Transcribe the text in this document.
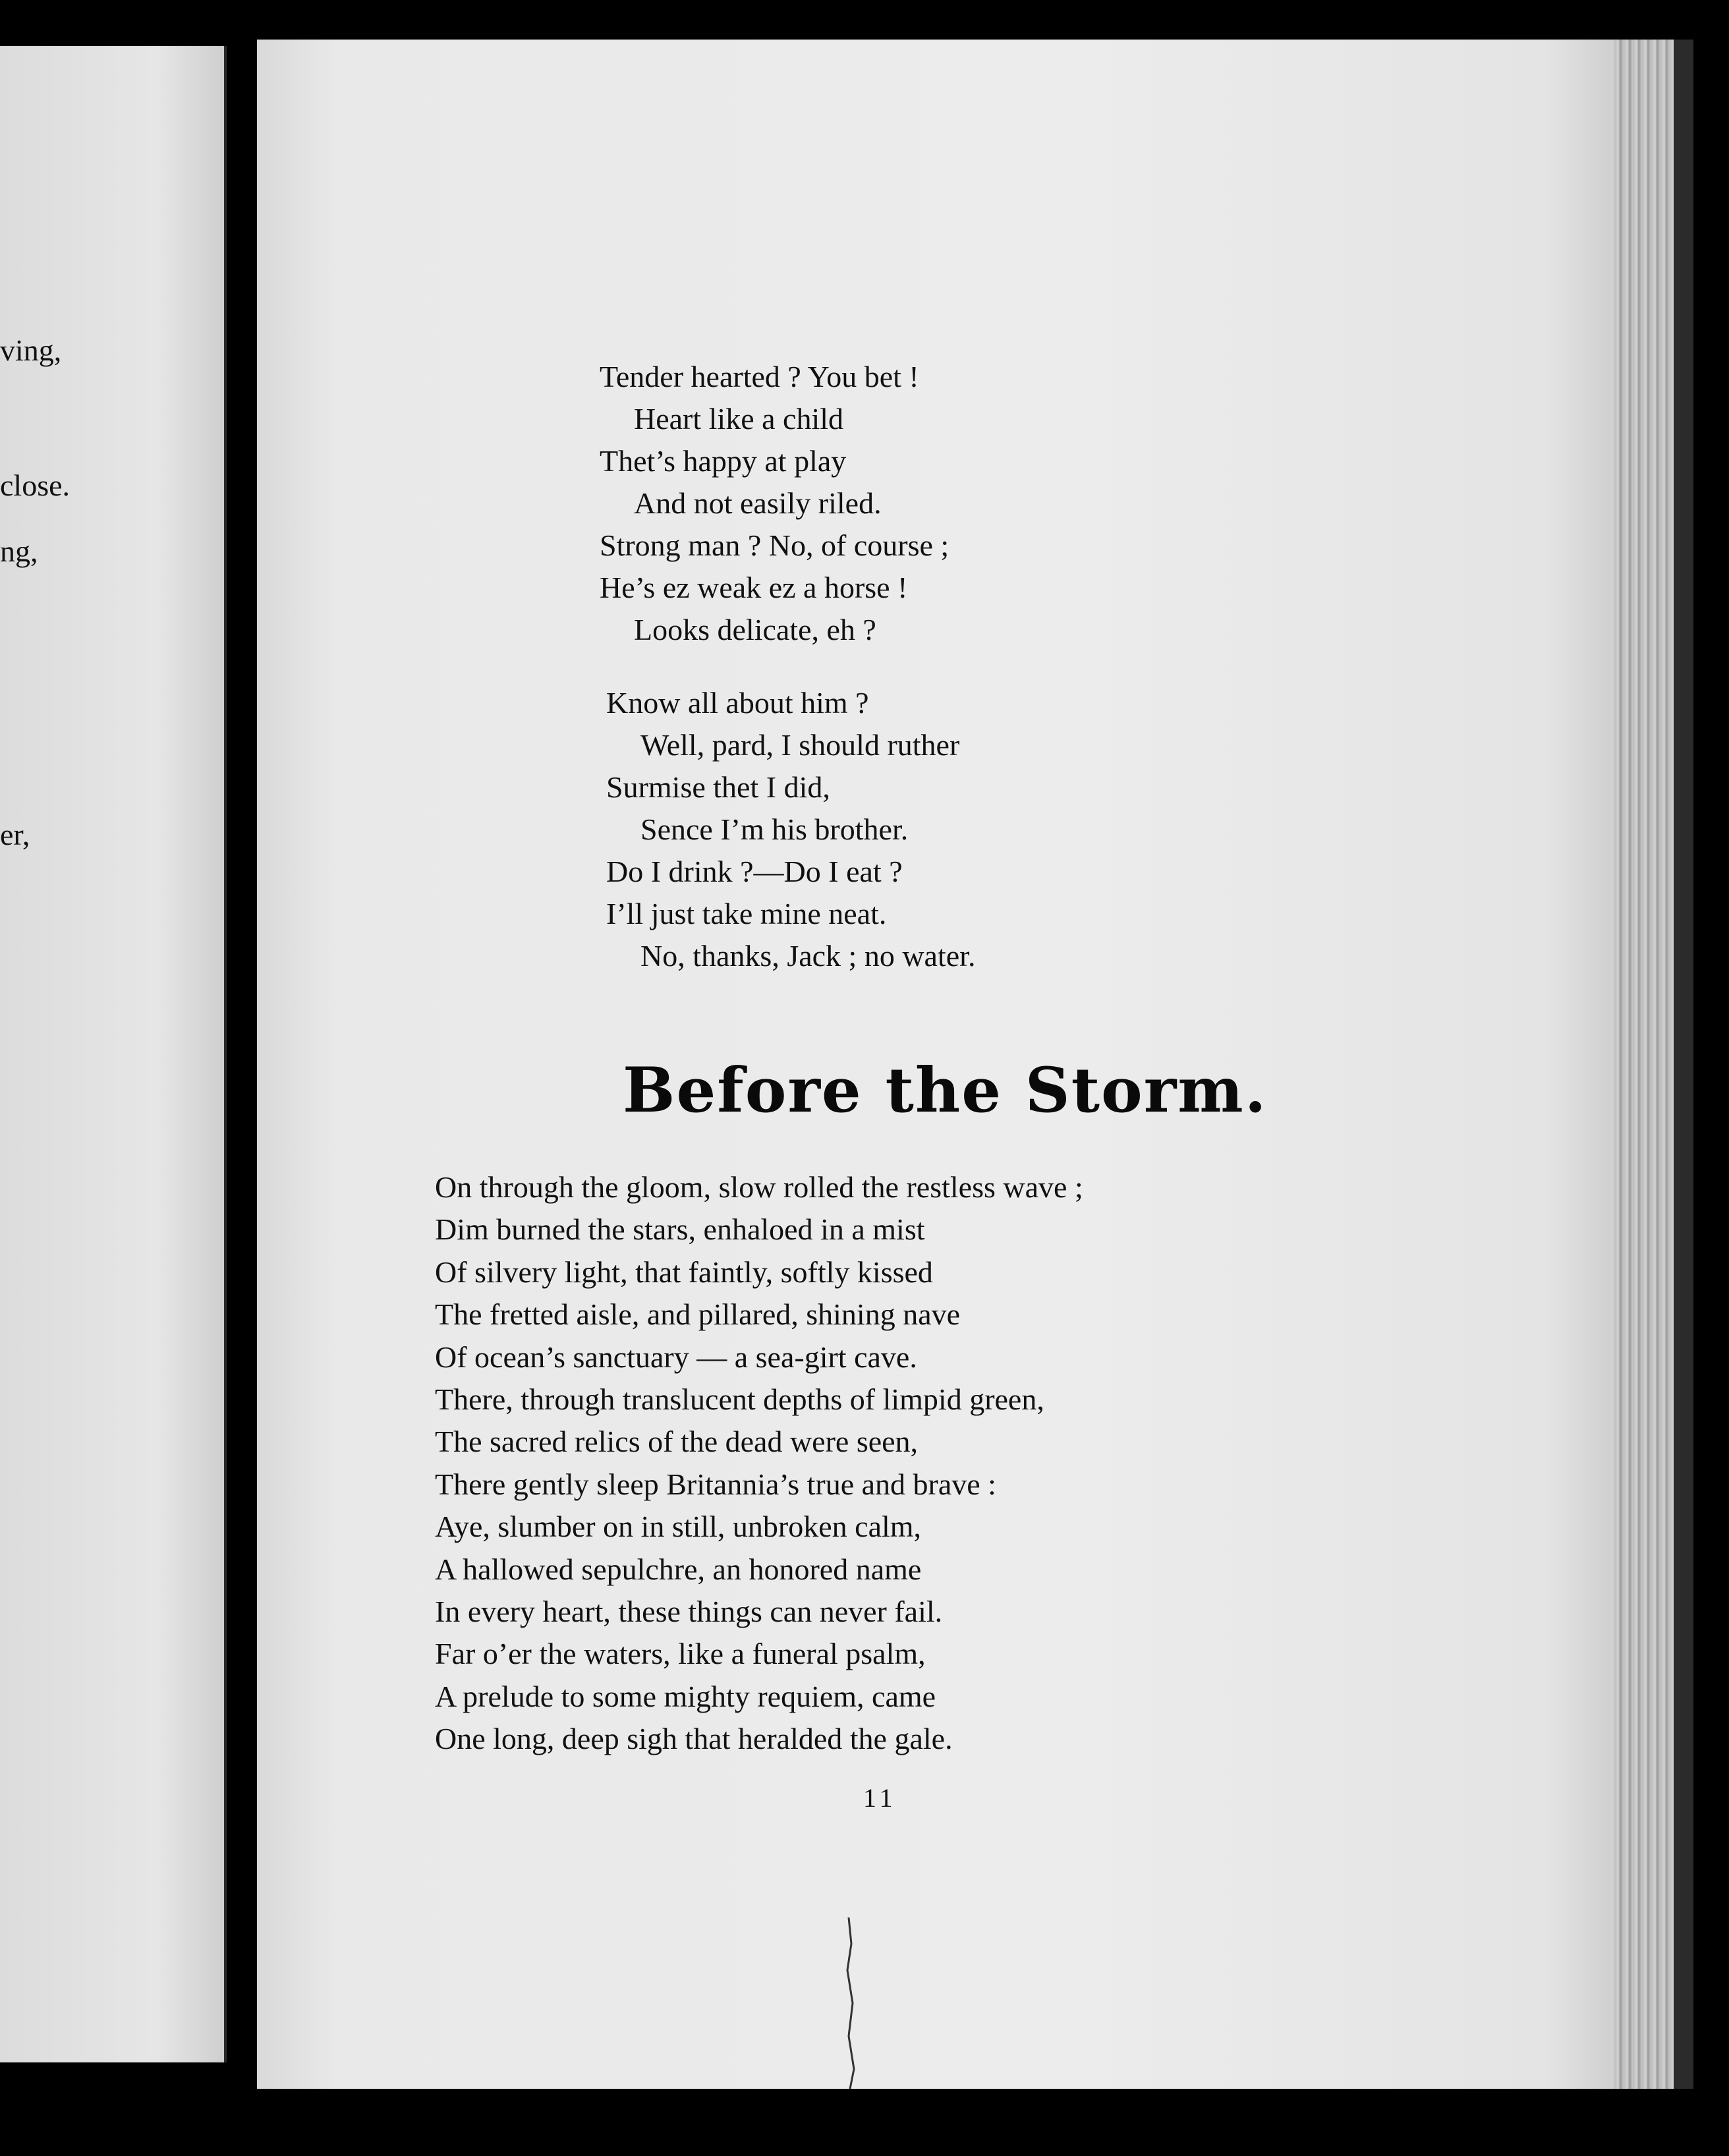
ving,
close.
ng,
er,
Tender hearted ? You bet !
Heart like a child
Thet’s happy at play
And not easily riled.
Strong man ? No, of course ;
He’s ez weak ez a horse !
Looks delicate, eh ?
Know all about him ?
Well, pard, I should ruther
Surmise thet I did,
Sence I’m his brother.
Do I drink ?—Do I eat ?
I’ll just take mine neat.
No, thanks, Jack ; no water.
Before the Storm.
On through the gloom, slow rolled the restless wave ;
Dim burned the stars, enhaloed in a mist
Of silvery light, that faintly, softly kissed
The fretted aisle, and pillared, shining nave
Of ocean’s sanctuary — a sea-girt cave.
There, through translucent depths of limpid green,
The sacred relics of the dead were seen,
There gently sleep Britannia’s true and brave :
Aye, slumber on in still, unbroken calm,
A hallowed sepulchre, an honored name
In every heart, these things can never fail.
Far o’er the waters, like a funeral psalm,
A prelude to some mighty requiem, came
One long, deep sigh that heralded the gale.
11
